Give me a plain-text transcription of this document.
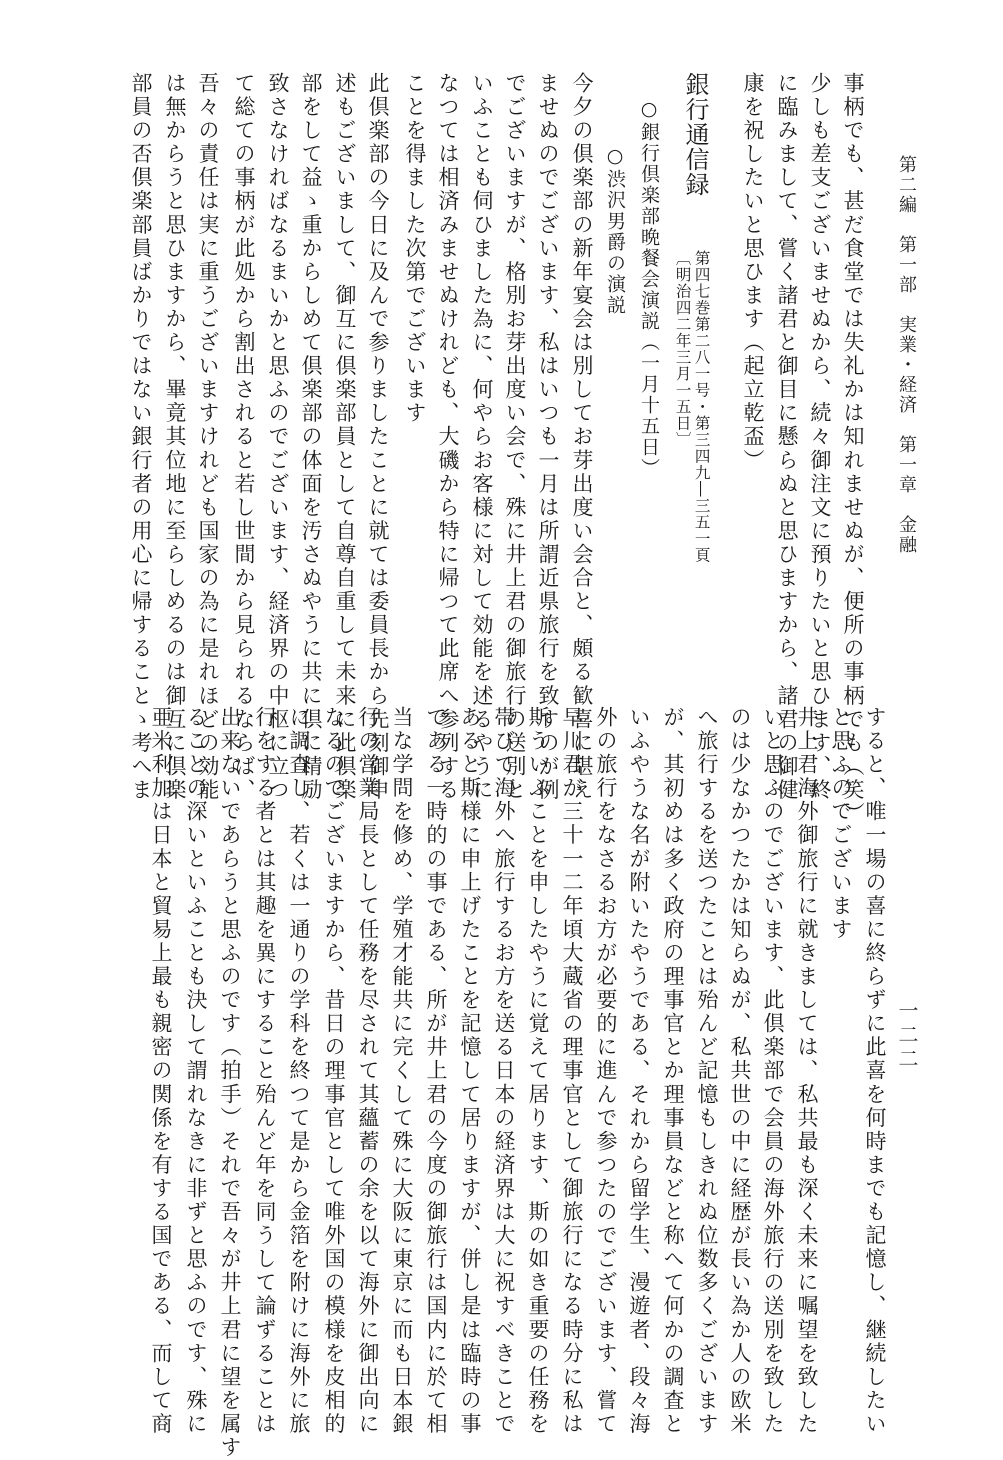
第二編　第一部　実業・経済　第一章　金融
一二二
事柄でも、甚だ食堂では失礼かは知れませぬが、便所の事柄でも（笑）
少しも差支ございませぬから、続々御注文に預りたいと思ひます、終
に臨みまして、嘗く諸君と御目に懸らぬと思ひますから、諸君の御健
康を祝したいと思ひます（起立乾盃）
銀行通信録
第四七巻第二八一号・第三四九―三五一頁
〔明治四二年三月一五日〕
○銀行倶楽部晩餐会演説（一月十五日）
○渋沢男爵の演説
今夕の倶楽部の新年宴会は別してお芽出度い会合と、頗る歓喜に堪え
ませぬのでございます、私はいつも一月は所謂近県旅行を致すのが例
でございますが、格別お芽出度い会で、殊に井上君の御旅行の送別と
いふことも伺ひました為に、何やらお客様に対して効能を述るやうに
なつては相済みませぬけれども、大磯から特に帰つて此席へ参列する
ことを得ました次第でございます
此倶楽部の今日に及んで参りましたことに就ては委員長から先刻御申
述もございまして、御互に倶楽部員として自尊自重して未来に此倶楽
部をして益ゝ重からしめて倶楽部の体面を汚さぬやうに共に倶に精励
致さなければなるまいかと思ふのでございます、経済界の中枢に立つ
て総ての事柄が此処から割出されると若し世間から見られるならば、
吾々の責任は実に重うございますけれども国家の為に是れほどの効能
は無からうと思ひますから、畢竟其位地に至らしめるのは御互に倶楽
部員の否倶楽部員ばかりではない銀行者の用心に帰することゝ考へま
すると、唯一場の喜に終らずに此喜を何時までも記憶し、継続したい
と思ふのでございます
井上君海外御旅行に就きましては、私共最も深く未来に嘱望を致した
いと思ふのでございます、此倶楽部で会員の海外旅行の送別を致した
のは少なかつたかは知らぬが、私共世の中に経歴が長い為か人の欧米
へ旅行するを送つたことは殆んど記憶もしきれぬ位数多くございます
が、其初めは多く政府の理事官とか理事員などと称へて何かの調査と
いふやうな名が附いたやうである、それから留学生、漫遊者、段々海
外の旅行をなさるお方が必要的に進んで参つたのでございます、嘗て
早川君が三十一二年頃大蔵省の理事官として御旅行になる時分に私は
斯ういふことを申したやうに覚えて居ります、斯の如き重要の任務を
帯びて海外へ旅行するお方を送る日本の経済界は大に祝すべきことで
あると斯様に申上げたことを記憶して居りますが、併し是は臨時の事
である一時的の事である、所が井上君の今度の御旅行は国内に於て相
当な学問を修め、学殖才能共に完くして殊に大阪に東京に而も日本銀
行の営業局長として任務を尽されて其蘊蓄の余を以て海外に御出向に
なるのでございますから、昔日の理事官として唯外国の模様を皮相的
に調査し、若くは一通りの学科を終つて是から金箔を附けに海外に旅
行をする者とは其趣を異にすること殆んど年を同うして論ずることは
出来ないであらうと思ふのです（拍手）それで吾々が井上君に望を属す
ることの深いといふことも決して謂れなきに非ずと思ふのです、殊に
亜米利加は日本と貿易上最も親密の関係を有する国である、而して商
